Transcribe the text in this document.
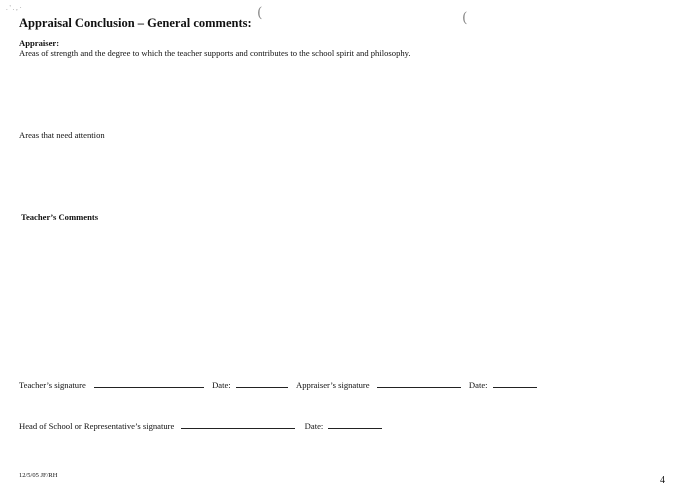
. ' . , ·	(	(
Appraisal Conclusion – General comments:
Appraiser:
Areas of strength and the degree to which the teacher supports and contributes to the school spirit and philosophy.
Areas that need attention
Teacher’s Comments
Teacher’s signature	Date:	Appraiser’s signature	Date:
Head of School or Representative’s signature	Date:
12/5/05 JF/RH	4
